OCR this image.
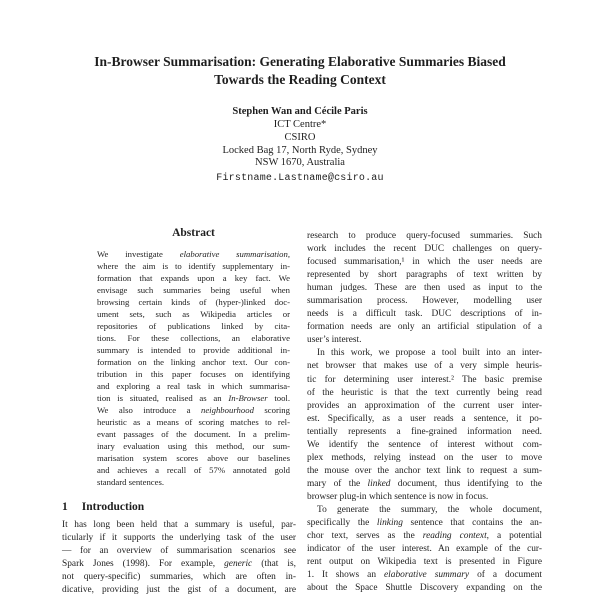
In-Browser Summarisation: Generating Elaborative Summaries Biased
Towards the Reading Context
Stephen Wan and Cécile Paris
ICT Centre*
CSIRO
Locked Bag 17, North Ryde, Sydney
NSW 1670, Australia
Firstname.Lastname@csiro.au
Abstract
We investigate elaborative summarisation,
where the aim is to identify supplementary in-
formation that expands upon a key fact. We
envisage such summaries being useful when
browsing certain kinds of (hyper-)linked doc-
ument sets, such as Wikipedia articles or
repositories of publications linked by cita-
tions. For these collections, an elaborative
summary is intended to provide additional in-
formation on the linking anchor text. Our con-
tribution in this paper focuses on identifying
and exploring a real task in which summarisa-
tion is situated, realised as an In-Browser tool.
We also introduce a neighbourhood scoring
heuristic as a means of scoring matches to rel-
evant passages of the document. In a prelim-
inary evaluation using this method, our sum-
marisation system scores above our baselines
and achieves a recall of 57% annotated gold
standard sentences.
1 Introduction
It has long been held that a summary is useful, par-
ticularly if it supports the underlying task of the user
— for an overview of summarisation scenarios see
Spark Jones (1998). For example, generic (that is,
not query-specific) summaries, which are often in-
dicative, providing just the gist of a document, are
research to produce query-focused summaries. Such
work includes the recent DUC challenges on query-
focused summarisation,¹ in which the user needs are
represented by short paragraphs of text written by
human judges. These are then used as input to the
summarisation process. However, modelling user
needs is a difficult task. DUC descriptions of in-
formation needs are only an artificial stipulation of a
user’s interest.
In this work, we propose a tool built into an inter-
net browser that makes use of a very simple heuris-
tic for determining user interest.² The basic premise
of the heuristic is that the text currently being read
provides an approximation of the current user inter-
est. Specifically, as a user reads a sentence, it po-
tentially represents a fine-grained information need.
We identify the sentence of interest without com-
plex methods, relying instead on the user to move
the mouse over the anchor text link to request a sum-
mary of the linked document, thus identifying to the
browser plug-in which sentence is now in focus.
To generate the summary, the whole document,
specifically the linking sentence that contains the an-
chor text, serves as the reading context, a potential
indicator of the user interest. An example of the cur-
rent output on Wikipedia text is presented in Figure
1. It shows an elaborative summary of a document
about the Space Shuttle Discovery expanding on the
